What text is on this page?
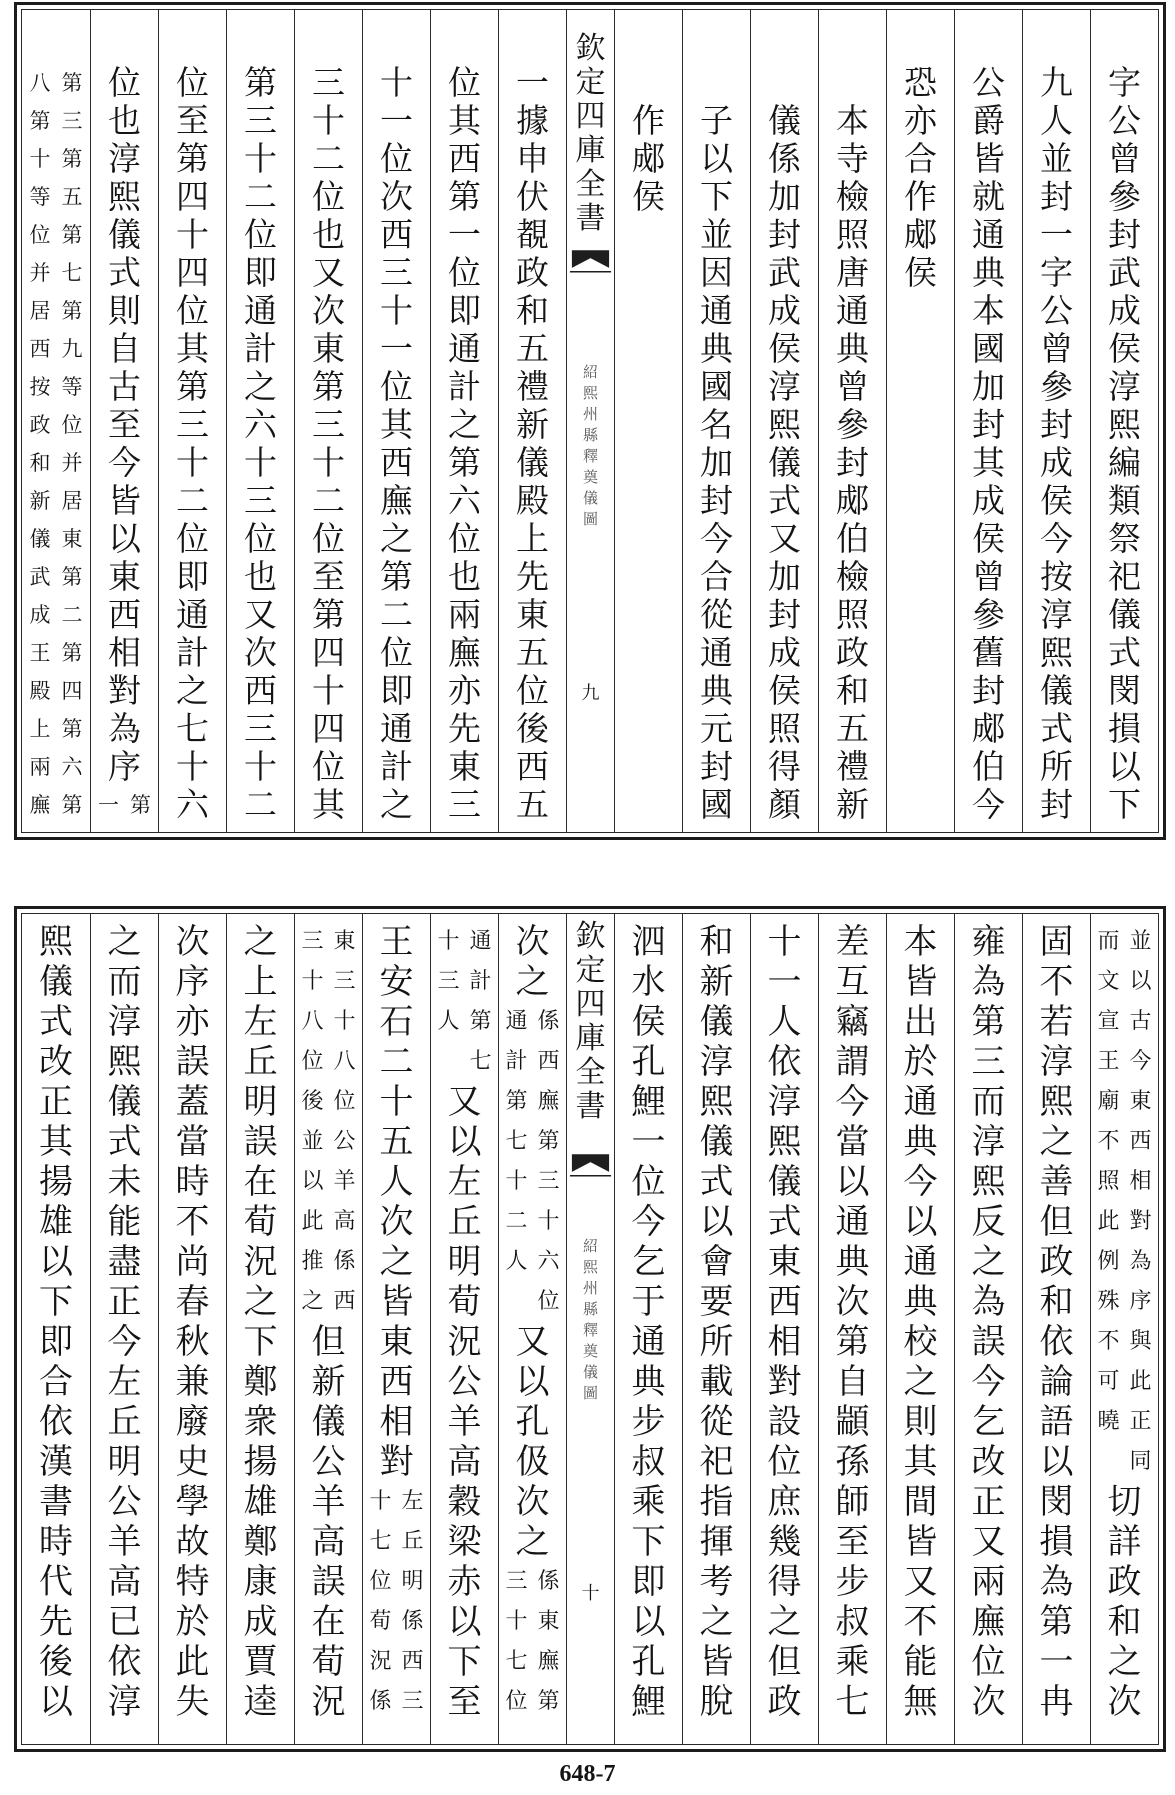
字
公
曾
參
封
武
成
侯
淳
熙
編
類
祭
祀
儀
式
閔
損
以
下
九
人
並
封
一
字
公
曾
參
封
成
侯
今
按
淳
熙
儀
式
所
封
公
爵
皆
就
通
典
本
國
加
封
其
成
侯
曾
參
舊
封
郕
伯
今
恐
亦
合
作
郕
侯
本
寺
檢
照
唐
通
典
曾
參
封
郕
伯
檢
照
政
和
五
禮
新
儀
係
加
封
武
成
侯
淳
熙
儀
式
又
加
封
成
侯
照
得
顏
子
以
下
並
因
通
典
國
名
加
封
今
合
從
通
典
元
封
國
作
郕
侯
欽
定
四
庫
全
書
紹
熙
州
縣
釋
奠
儀
圖
九
一
據
申
伏
覩
政
和
五
禮
新
儀
殿
上
先
東
五
位
後
西
五
位
其
西
第
一
位
即
通
計
之
第
六
位
也
兩
廡
亦
先
東
三
十
一
位
次
西
三
十
一
位
其
西
廡
之
第
二
位
即
通
計
之
三
十
二
位
也
又
次
東
第
三
十
二
位
至
第
四
十
四
位
其
第
三
十
二
位
即
通
計
之
六
十
三
位
也
又
次
西
三
十
二
位
至
第
四
十
四
位
其
第
三
十
二
位
即
通
計
之
七
十
六
位
也
淳
熙
儀
式
則
自
古
至
今
皆
以
東
西
相
對
為
序
第
一
第
三
第
五
第
七
第
九
等
位
并
居
東
第
二
第
四
第
六
第
八
第
十
等
位
并
居
西
按
政
和
新
儀
武
成
王
殿
上
兩
廡
並
以
古
今
東
西
相
對
為
序
與
此
正
同
而
文
宣
王
廟
不
照
此
例
殊
不
可
曉
切
詳
政
和
之
次
固
不
若
淳
熙
之
善
但
政
和
依
論
語
以
閔
損
為
第
一
冉
雍
為
第
三
而
淳
熙
反
之
為
誤
今
乞
改
正
又
兩
廡
位
次
本
皆
出
於
通
典
今
以
通
典
校
之
則
其
間
皆
又
不
能
無
差
互
竊
謂
今
當
以
通
典
次
第
自
顓
孫
師
至
步
叔
乘
七
十
一
人
依
淳
熙
儀
式
東
西
相
對
設
位
庶
幾
得
之
但
政
和
新
儀
淳
熙
儀
式
以
會
要
所
載
從
祀
指
揮
考
之
皆
脫
泗
水
侯
孔
鯉
一
位
今
乞
于
通
典
步
叔
乘
下
即
以
孔
鯉
欽
定
四
庫
全
書
紹
熙
州
縣
釋
奠
儀
圖
十
次
之
係
西
廡
第
三
十
六
位
通
計
第
七
十
二
人
又
以
孔
伋
次
之
係
東
廡
第
三
十
七
位
通
計
第
七
十
三
人
又
以
左
丘
明
荀
況
公
羊
高
穀
梁
赤
以
下
至
王
安
石
二
十
五
人
次
之
皆
東
西
相
對
左
丘
明
係
西
三
十
七
位
荀
況
係
東
三
十
八
位
公
羊
高
係
西
三
十
八
位
後
並
以
此
推
之
但
新
儀
公
羊
高
誤
在
荀
況
之
上
左
丘
明
誤
在
荀
況
之
下
鄭
衆
揚
雄
鄭
康
成
賈
逵
次
序
亦
誤
蓋
當
時
不
尚
春
秋
兼
廢
史
學
故
特
於
此
失
之
而
淳
熙
儀
式
未
能
盡
正
今
左
丘
明
公
羊
高
已
依
淳
熙
儀
式
改
正
其
揚
雄
以
下
即
合
依
漢
書
時
代
先
後
以
648-7
